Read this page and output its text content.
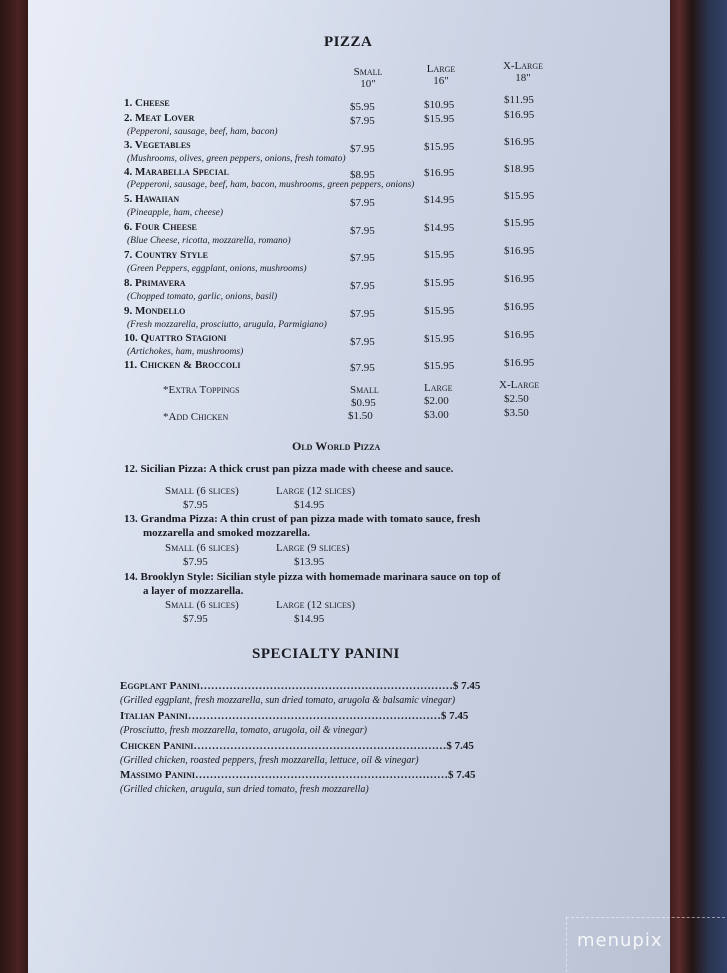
PIZZA
Small
10"
Large
16"
X-Large
18"
1. Cheese	$5.95	$10.95	$11.95
2. Meat Lover	$7.95	$15.95	$16.95
(Pepperoni, sausage, beef, ham, bacon)
3. Vegetables	$7.95	$15.95	$16.95
(Mushrooms, olives, green peppers, onions, fresh tomato)
4. Marabella Special	$8.95	$16.95	$18.95
(Pepperoni, sausage, beef, ham, bacon, mushrooms, green peppers, onions)
5. Hawaiian	$7.95	$14.95	$15.95
(Pineapple, ham, cheese)
6. Four Cheese	$7.95	$14.95	$15.95
(Blue Cheese, ricotta, mozzarella, romano)
7. Country Style	$7.95	$15.95	$16.95
(Green Peppers, eggplant, onions, mushrooms)
8. Primavera	$7.95	$15.95	$16.95
(Chopped tomato, garlic, onions, basil)
9. Mondello	$7.95	$15.95	$16.95
(Fresh mozzarella, prosciutto, arugula, Parmigiano)
10. Quattro Stagioni	$7.95	$15.95	$16.95
(Artichokes, ham, mushrooms)
11. Chicken & Broccoli	$7.95	$15.95	$16.95
*Extra Toppings	Small	Large	X-Large
$0.95	$2.00	$2.50
*Add Chicken	$1.50	$3.00	$3.50
Old World Pizza
12. Sicilian Pizza: A thick crust pan pizza made with cheese and sauce.
Small (6 slices)	Large (12 slices)
$7.95	$14.95
13. Grandma Pizza: A thin crust of pan pizza made with tomato sauce, fresh
mozzarella and smoked mozzarella.
Small (6 slices)	Large (9 slices)
$7.95	$13.95
14. Brooklyn Style: Sicilian style pizza with homemade marinara sauce on top of
a layer of mozzarella.
Small (6 slices)	Large (12 slices)
$7.95	$14.95
SPECIALTY PANINI
Eggplant Panini……………………………………………………………$ 7.45
(Grilled eggplant, fresh mozzarella, sun dried tomato, arugola & balsamic vinegar)
Italian Panini……………………………………………………………$ 7.45
(Prosciutto, fresh mozzarella, tomato, arugola, oil & vinegar)
Chicken Panini……………………………………………………………$ 7.45
(Grilled chicken, roasted peppers, fresh mozzarella, lettuce, oil & vinegar)
Massimo Panini……………………………………………………………$ 7.45
(Grilled chicken, arugula, sun dried tomato, fresh mozzarella)
menupix
